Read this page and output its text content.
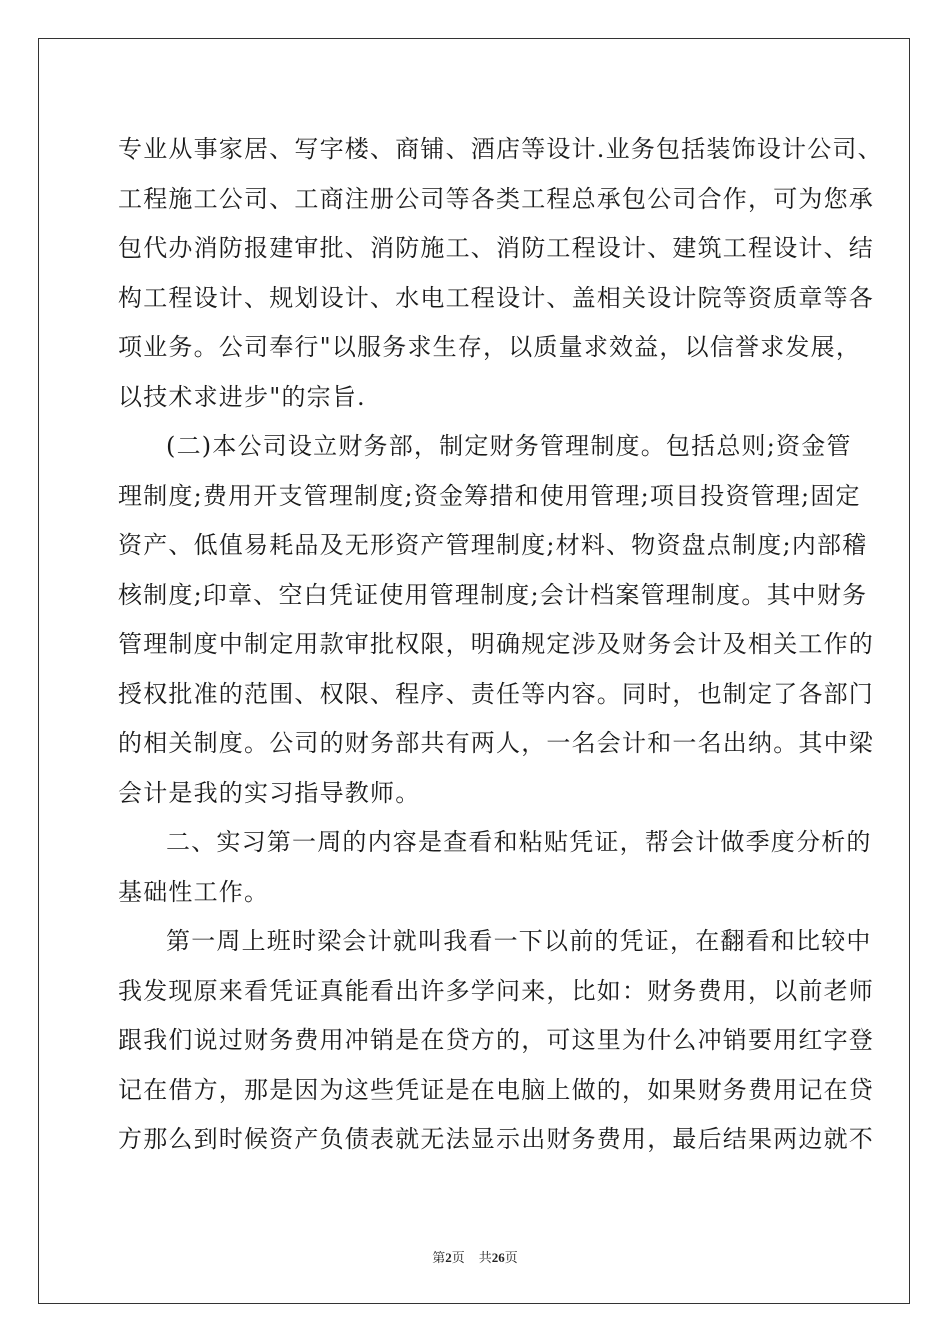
专业从事家居、写字楼、商铺、酒店等设计.业务包括装饰设计公司、
工程施工公司、工商注册公司等各类工程总承包公司合作，可为您承
包代办消防报建审批、消防施工、消防工程设计、建筑工程设计、结
构工程设计、规划设计、水电工程设计、盖相关设计院等资质章等各
项业务。公司奉行"以服务求生存，以质量求效益，以信誉求发展，
以技术求进步"的宗旨.

(二)本公司设立财务部，制定财务管理制度。包括总则;资金管
理制度;费用开支管理制度;资金筹措和使用管理;项目投资管理;固定
资产、低值易耗品及无形资产管理制度;材料、物资盘点制度;内部稽
核制度;印章、空白凭证使用管理制度;会计档案管理制度。其中财务
管理制度中制定用款审批权限，明确规定涉及财务会计及相关工作的
授权批准的范围、权限、程序、责任等内容。同时，也制定了各部门
的相关制度。公司的财务部共有两人，一名会计和一名出纳。其中梁
会计是我的实习指导教师。

二、实习第一周的内容是查看和粘贴凭证，帮会计做季度分析的
基础性工作。

第一周上班时梁会计就叫我看一下以前的凭证，在翻看和比较中
我发现原来看凭证真能看出许多学问来，比如：财务费用，以前老师
跟我们说过财务费用冲销是在贷方的，可这里为什么冲销要用红字登
记在借方，那是因为这些凭证是在电脑上做的，如果财务费用记在贷
方那么到时候资产负债表就无法显示出财务费用，最后结果两边就不

第2页 共26页
